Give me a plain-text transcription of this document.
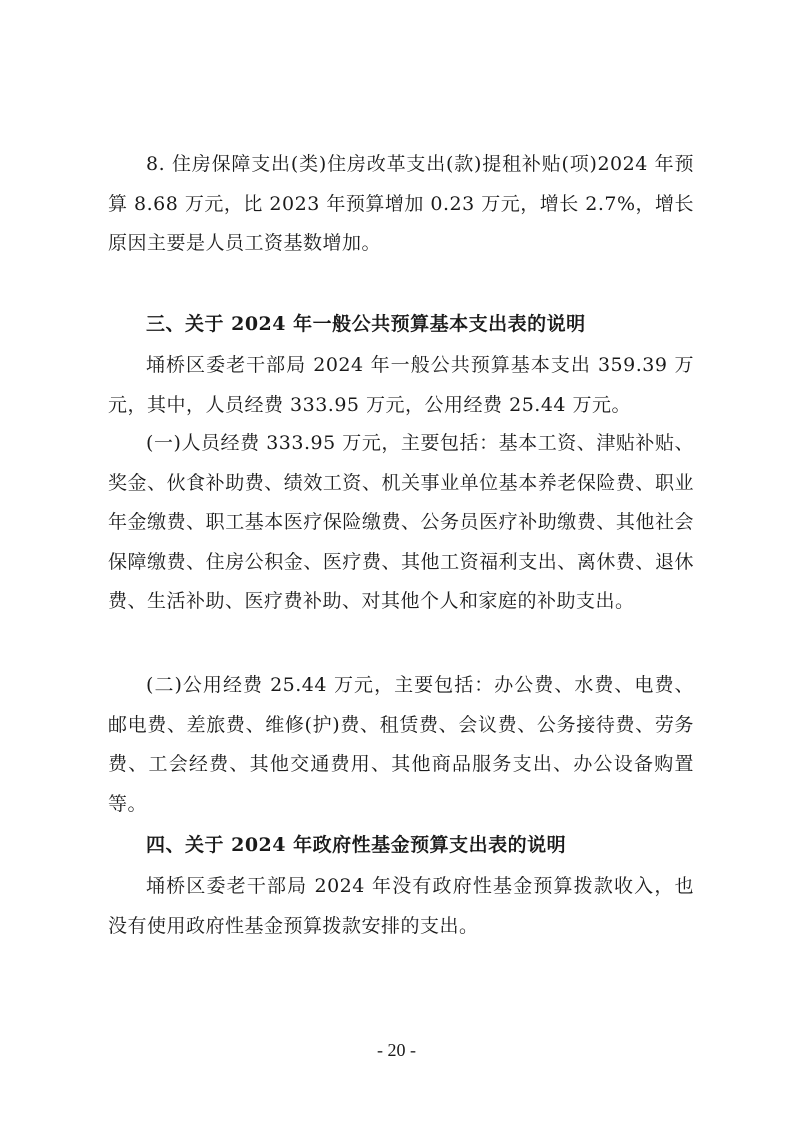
8. 住房保障支出(类)住房改革支出(款)提租补贴(项)2024 年预算 8.68 万元，比 2023 年预算增加 0.23 万元，增长 2.7%，增长原因主要是人员工资基数增加。

三、关于 2024 年一般公共预算基本支出表的说明

埇桥区委老干部局 2024 年一般公共预算基本支出 359.39 万元，其中，人员经费 333.95 万元，公用经费 25.44 万元。

(一)人员经费 333.95 万元，主要包括：基本工资、津贴补贴、奖金、伙食补助费、绩效工资、机关事业单位基本养老保险费、职业年金缴费、职工基本医疗保险缴费、公务员医疗补助缴费、其他社会保障缴费、住房公积金、医疗费、其他工资福利支出、离休费、退休费、生活补助、医疗费补助、对其他个人和家庭的补助支出。

(二)公用经费 25.44 万元，主要包括：办公费、水费、电费、邮电费、差旅费、维修(护)费、租赁费、会议费、公务接待费、劳务费、工会经费、其他交通费用、其他商品服务支出、办公设备购置等。

四、关于 2024 年政府性基金预算支出表的说明

埇桥区委老干部局 2024 年没有政府性基金预算拨款收入，也没有使用政府性基金预算拨款安排的支出。

- 20 -
